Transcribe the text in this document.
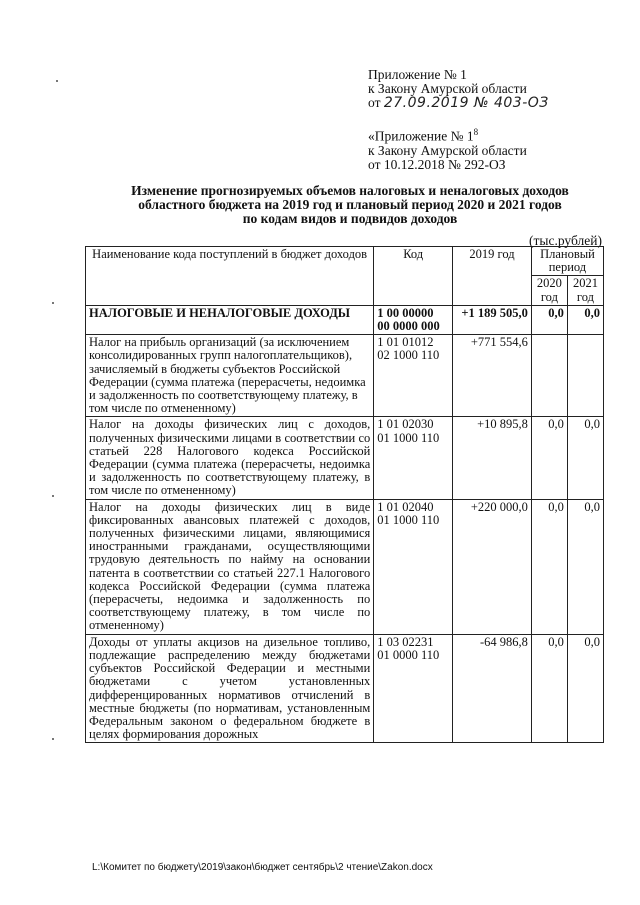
Приложение № 1
к Закону Амурской области
от 27.09.2019 № 403-ОЗ
«Приложение № $1^8$
к Закону Амурской области
от 10.12.2018 № 292-ОЗ
Изменение прогнозируемых объемов налоговых и неналоговых доходов
областного бюджета на 2019 год и плановый период 2020 и 2021 годов
по кодам видов и подвидов доходов
(тыс.рублей)
Наименование кода поступлений в бюджет доходов	Код	2019 год	Плановый период	
			2020 год	2021 год
НАЛОГОВЫЕ И НЕНАЛОГОВЫЕ ДОХОДЫ	1 00 00000 00 0000 000	+1 189 505,0	0,0	0,0
Налог на прибыль организаций (за исключением консолидированных групп налогоплательщиков), зачисляемый в бюджеты субъектов Российской Федерации (сумма платежа (перерасчеты, недоимка и задолженность по соответствующему платежу, в том числе по отмененному)	1 01 01012 02 1000 110	+771 554,6		
Налог на доходы физических лиц с доходов, полученных физическими лицами в соответствии со статьей 228 Налогового кодекса Российской Федерации (сумма платежа (перерасчеты, недоимка и задолженность по соответствующему платежу, в том числе по отмененному)	1 01 02030 01 1000 110	+10 895,8	0,0	0,0
Налог на доходы физических лиц в виде фиксированных авансовых платежей с доходов, полученных физическими лицами, являющимися иностранными гражданами, осуществляющими трудовую деятельность по найму на основании патента в соответствии со статьей 227.1 Налогового кодекса Российской Федерации (сумма платежа (перерасчеты, недоимка и задолженность по соответствующему платежу, в том числе по отмененному)	1 01 02040 01 1000 110	+220 000,0	0,0	0,0
Доходы от уплаты акцизов на дизельное топливо, подлежащие распределению между бюджетами субъектов Российской Федерации и местными бюджетами с учетом установленных дифференцированных нормативов отчислений в местные бюджеты (по нормативам, установленным Федеральным законом о федеральном бюджете в целях формирования дорожных	1 03 02231 01 0000 110	-64 986,8	0,0	0,0
L:\Комитет по бюджету\2019\закон\бюджет сентябрь\2 чтение\Zakon.docx
